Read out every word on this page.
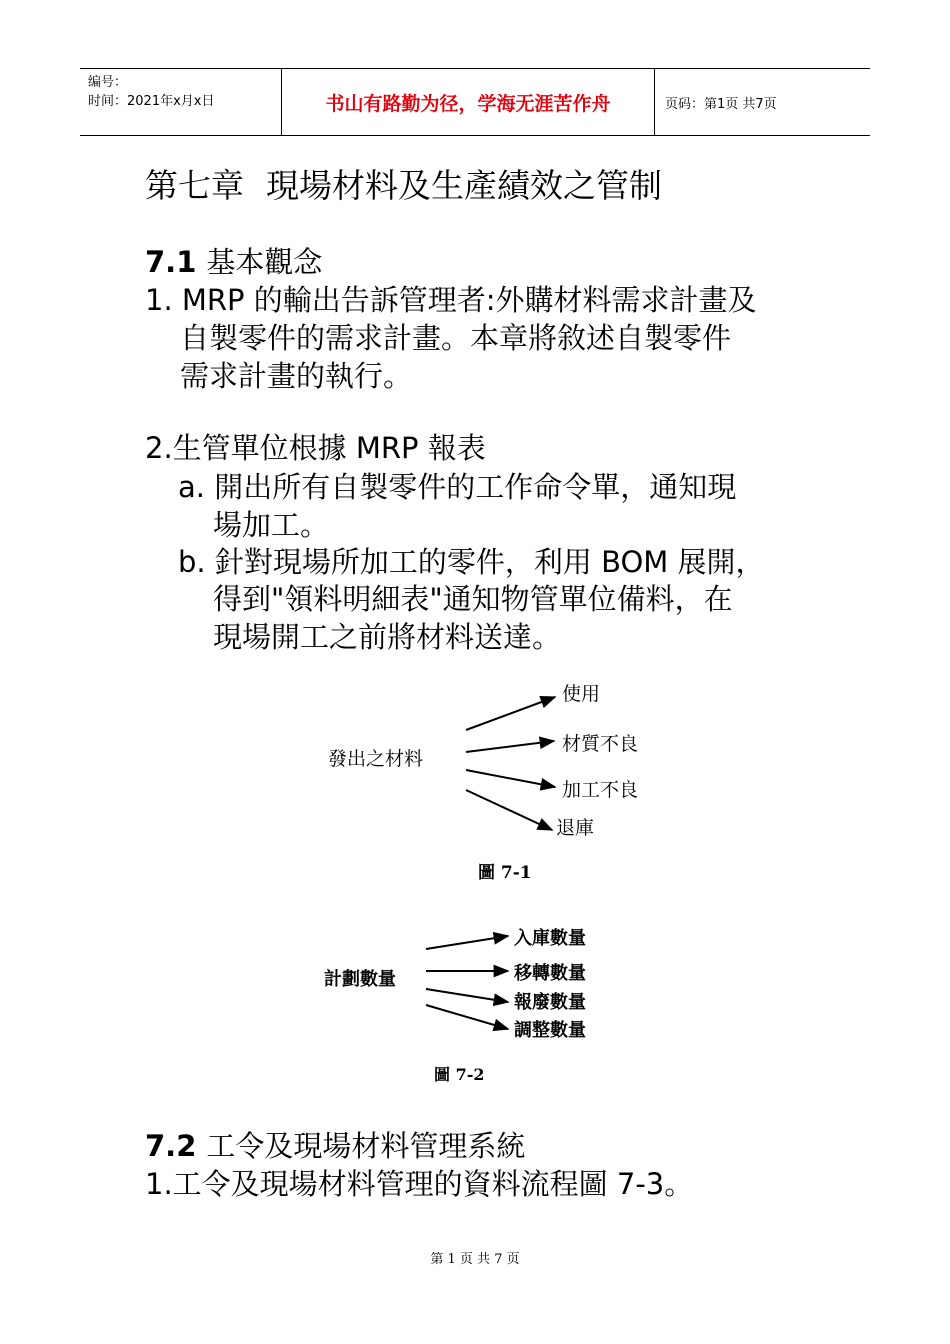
编号：
时间：2021年x月x日	书山有路勤为径，学海无涯苦作舟	页码：第1页 共7页
第七章 現場材料及生產績效之管制
7.1 基本觀念
1. MRP 的輸出告訴管理者:外購材料需求計畫及
自製零件的需求計畫。本章將敘述自製零件
需求計畫的執行。
2.生管單位根據 MRP 報表
a. 開出所有自製零件的工作命令單，通知現
場加工。
b. 針對現場所加工的零件，利用 BOM 展開，
得到"領料明細表"通知物管單位備料，在
現場開工之前將材料送達。
發出之材料
使用
材質不良
加工不良
退庫
圖 7-1
計劃數量
入庫數量
移轉數量
報廢數量
調整數量
圖 7-2
7.2 工令及現場材料管理系統
1.工令及現場材料管理的資料流程圖 7-3。
第 1 页 共 7 页
